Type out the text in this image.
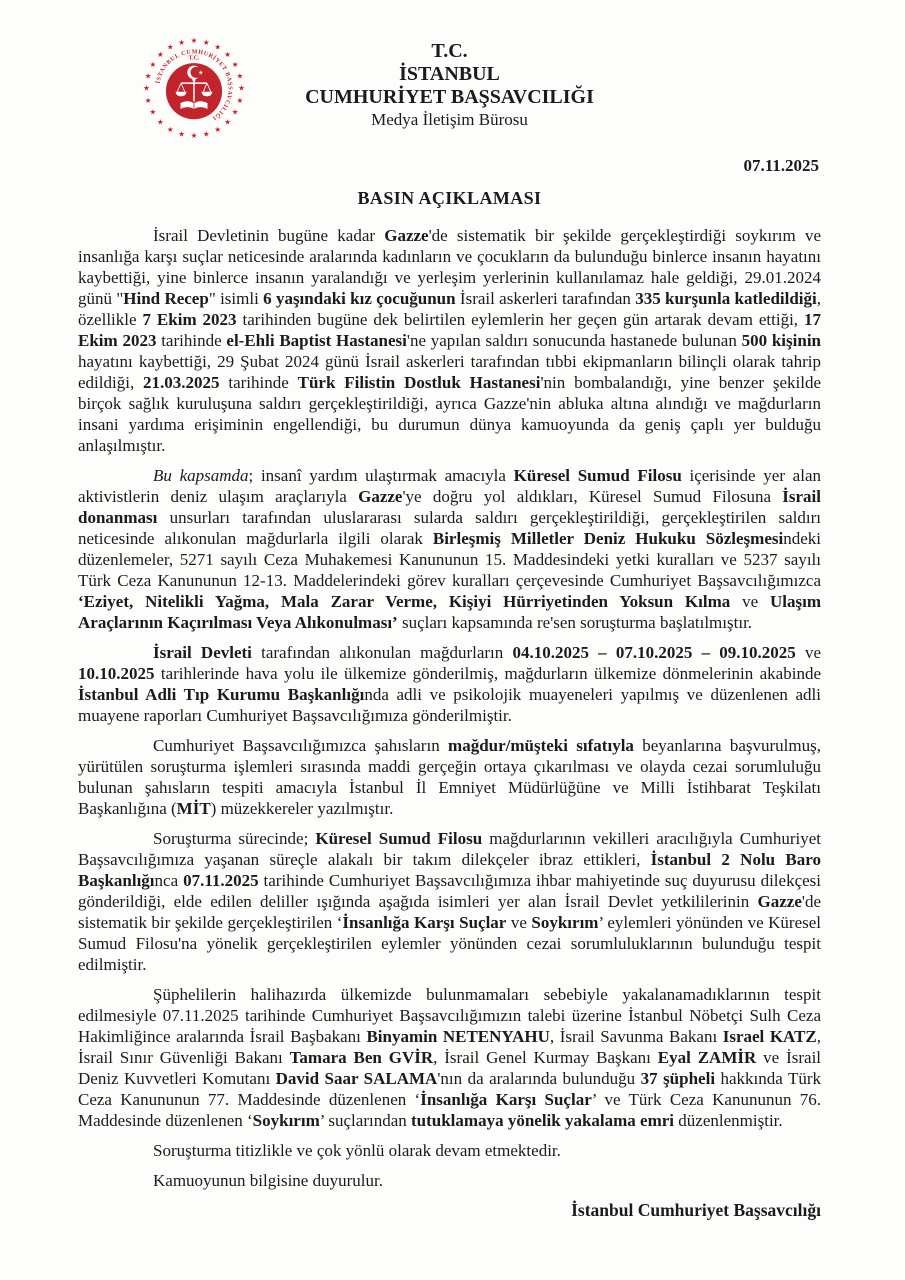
★ ★
★
★
★
★
★
★
★
★
★
★
★
★
★
★
★
★
★
★
★
★
★
★
İSTANBUL CUMHURİYET BAŞSAVCILIĞI
T.C.
★
T.C.
İSTANBUL
CUMHURİYET BAŞSAVCILIĞI
Medya İletişim Bürosu
07.11.2025
BASIN AÇIKLAMASI

İsrail Devletinin bugüne kadar Gazze'de sistematik bir şekilde gerçekleştirdiği soykırım ve insanlığa karşı suçlar neticesinde aralarında kadınların ve çocukların da bulunduğu binlerce insanın hayatını kaybettiği, yine binlerce insanın yaralandığı ve yerleşim yerlerinin kullanılamaz hale geldiği, 29.01.2024 günü "Hind Recep" isimli 6 yaşındaki kız çocuğunun İsrail askerleri tarafından 335 kurşunla katledildiği, özellikle 7 Ekim 2023 tarihinden bugüne dek belirtilen eylemlerin her geçen gün artarak devam ettiği, 17 Ekim 2023 tarihinde el-Ehli Baptist Hastanesi'ne yapılan saldırı sonucunda hastanede bulunan 500 kişinin hayatını kaybettiği, 29 Şubat 2024 günü İsrail askerleri tarafından tıbbi ekipmanların bilinçli olarak tahrip edildiği, 21.03.2025 tarihinde Türk Filistin Dostluk Hastanesi'nin bombalandığı, yine benzer şekilde birçok sağlık kuruluşuna saldırı gerçekleştirildiği, ayrıca Gazze'nin abluka altına alındığı ve mağdurların insani yardıma erişiminin engellendiği, bu durumun dünya kamuoyunda da geniş çaplı yer bulduğu anlaşılmıştır.

Bu kapsamda; insanî yardım ulaştırmak amacıyla Küresel Sumud Filosu içerisinde yer alan aktivistlerin deniz ulaşım araçlarıyla Gazze'ye doğru yol aldıkları, Küresel Sumud Filosuna İsrail donanması unsurları tarafından uluslararası sularda saldırı gerçekleştirildiği, gerçekleştirilen saldırı neticesinde alıkonulan mağdurlarla ilgili olarak Birleşmiş Milletler Deniz Hukuku Sözleşmesindeki düzenlemeler, 5271 sayılı Ceza Muhakemesi Kanununun 15. Maddesindeki yetki kuralları ve 5237 sayılı Türk Ceza Kanununun 12-13. Maddelerindeki görev kuralları çerçevesinde Cumhuriyet Başsavcılığımızca ‘Eziyet, Nitelikli Yağma, Mala Zarar Verme, Kişiyi Hürriyetinden Yoksun Kılma ve Ulaşım Araçlarının Kaçırılması Veya Alıkonulması’ suçları kapsamında re'sen soruşturma başlatılmıştır.

İsrail Devleti tarafından alıkonulan mağdurların 04.10.2025 – 07.10.2025 – 09.10.2025 ve 10.10.2025 tarihlerinde hava yolu ile ülkemize gönderilmiş, mağdurların ülkemize dönmelerinin akabinde İstanbul Adli Tıp Kurumu Başkanlığında adli ve psikolojik muayeneleri yapılmış ve düzenlenen adli muayene raporları Cumhuriyet Başsavcılığımıza gönderilmiştir.

Cumhuriyet Başsavcılığımızca şahısların mağdur/müşteki sıfatıyla beyanlarına başvurulmuş, yürütülen soruşturma işlemleri sırasında maddi gerçeğin ortaya çıkarılması ve olayda cezai sorumluluğu bulunan şahısların tespiti amacıyla İstanbul İl Emniyet Müdürlüğüne ve Milli İstihbarat Teşkilatı Başkanlığına (MİT) müzekkereler yazılmıştır.

Soruşturma sürecinde; Küresel Sumud Filosu mağdurlarının vekilleri aracılığıyla Cumhuriyet Başsavcılığımıza yaşanan süreçle alakalı bir takım dilekçeler ibraz ettikleri, İstanbul 2 Nolu Baro Başkanlığınca 07.11.2025 tarihinde Cumhuriyet Başsavcılığımıza ihbar mahiyetinde suç duyurusu dilekçesi gönderildiği, elde edilen deliller ışığında aşağıda isimleri yer alan İsrail Devlet yetkililerinin Gazze'de sistematik bir şekilde gerçekleştirilen ‘İnsanlığa Karşı Suçlar ve Soykırım’ eylemleri yönünden ve Küresel Sumud Filosu'na yönelik gerçekleştirilen eylemler yönünden cezai sorumluluklarının bulunduğu tespit edilmiştir.

Şüphelilerin halihazırda ülkemizde bulunmamaları sebebiyle yakalanamadıklarının tespit edilmesiyle 07.11.2025 tarihinde Cumhuriyet Başsavcılığımızın talebi üzerine İstanbul Nöbetçi Sulh Ceza Hakimliğince aralarında İsrail Başbakanı Binyamin NETENYAHU, İsrail Savunma Bakanı Israel KATZ, İsrail Sınır Güvenliği Bakanı Tamara Ben GVİR, İsrail Genel Kurmay Başkanı Eyal ZAMİR ve İsrail Deniz Kuvvetleri Komutanı David Saar SALAMA'nın da aralarında bulunduğu 37 şüpheli hakkında Türk Ceza Kanununun 77. Maddesinde düzenlenen ‘İnsanlığa Karşı Suçlar’ ve Türk Ceza Kanununun 76. Maddesinde düzenlenen ‘Soykırım’ suçlarından tutuklamaya yönelik yakalama emri düzenlenmiştir.

Soruşturma titizlikle ve çok yönlü olarak devam etmektedir.

Kamuoyunun bilgisine duyurulur.

İstanbul Cumhuriyet Başsavcılığı
